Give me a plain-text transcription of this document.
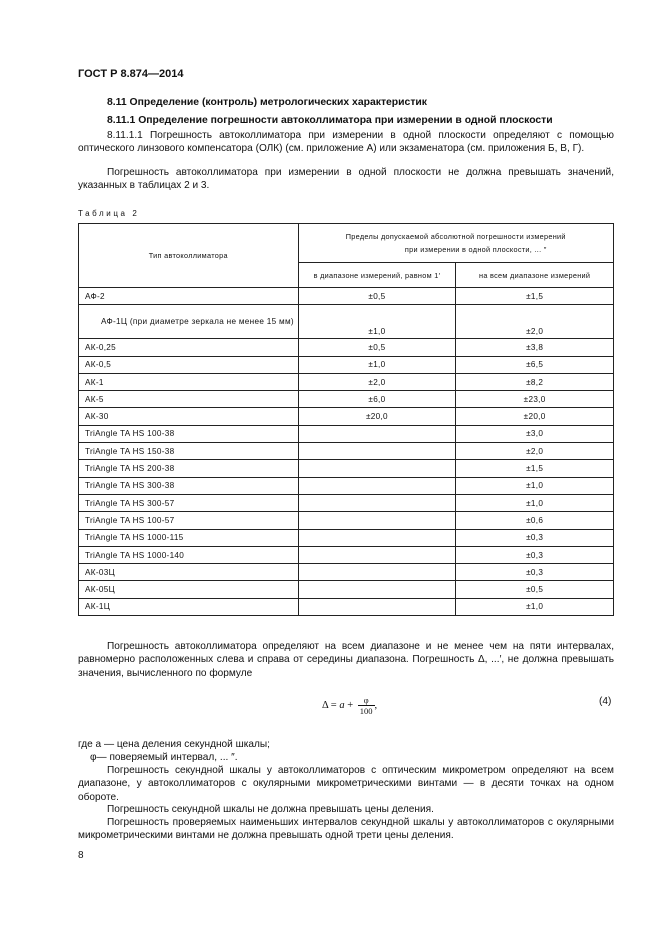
ГОСТ Р 8.874—2014
8.11 Определение (контроль) метрологических характеристик
8.11.1 Определение погрешности автоколлиматора при измерении в одной плоскости
8.11.1.1 Погрешность автоколлиматора при измерении в одной плоскости определяют с помощью оптического линзового компенсатора (ОЛК) (см. приложение А) или экзаменатора (см. приложения Б, В, Г).
Погрешность автоколлиматора при измерении в одной плоскости не должна превышать значений, указанных в таблицах 2 и 3.
Таблица 2
Тип автоколлиматора	Пределы допускаемой абсолютной погрешности измерений
при измерении в одной плоскости, ... ″	

	в диапазоне измерений, равном 1′	на всем диапазоне измерений
АФ-2	±0,5	±1,5
АФ-1Ц (при диаметре зеркала не менее 15 мм)	±1,0	±2,0
АК-0,25	±0,5	±3,8
АК-0,5	±1,0	±6,5
АК-1	±2,0	±8,2
АК-5	±6,0	±23,0
АК-30	±20,0	±20,0
TriAngle TA HS 100-38		±3,0
TriAngle TA HS 150-38		±2,0
TriAngle TA HS 200-38		±1,5
TriAngle TA HS 300-38		±1,0
TriAngle TA HS 300-57		±1,0
TriAngle TA HS 100-57		±0,6
TriAngle TA HS 1000-115		±0,3
TriAngle TA HS 1000-140		±0,3
АК-03Ц		±0,3
АК-05Ц		±0,5
АК-1Ц		±1,0
Погрешность автоколлиматора определяют на всем диапазоне и не менее чем на пяти интервалах, равномерно расположенных слева и справа от середины диапазона. Погрешность Δ, ...′, не должна превышать значения, вычисленного по формуле
$\Delta = a + \frac{\varphi}{100}$ ,	(4)
где a — цена деления секундной шкалы;
φ— поверяемый интервал, ... ″.
Погрешность секундной шкалы у автоколлиматоров с оптическим микрометром определяют на всем диапазоне, у автоколлиматоров с окулярными микрометрическими винтами — в десяти точках на одном обороте.
Погрешность секундной шкалы не должна превышать цены деления.
Погрешность проверяемых наименьших интервалов секундной шкалы у автоколлиматоров с окулярными микрометрическими винтами не должна превышать одной трети цены деления.
8
